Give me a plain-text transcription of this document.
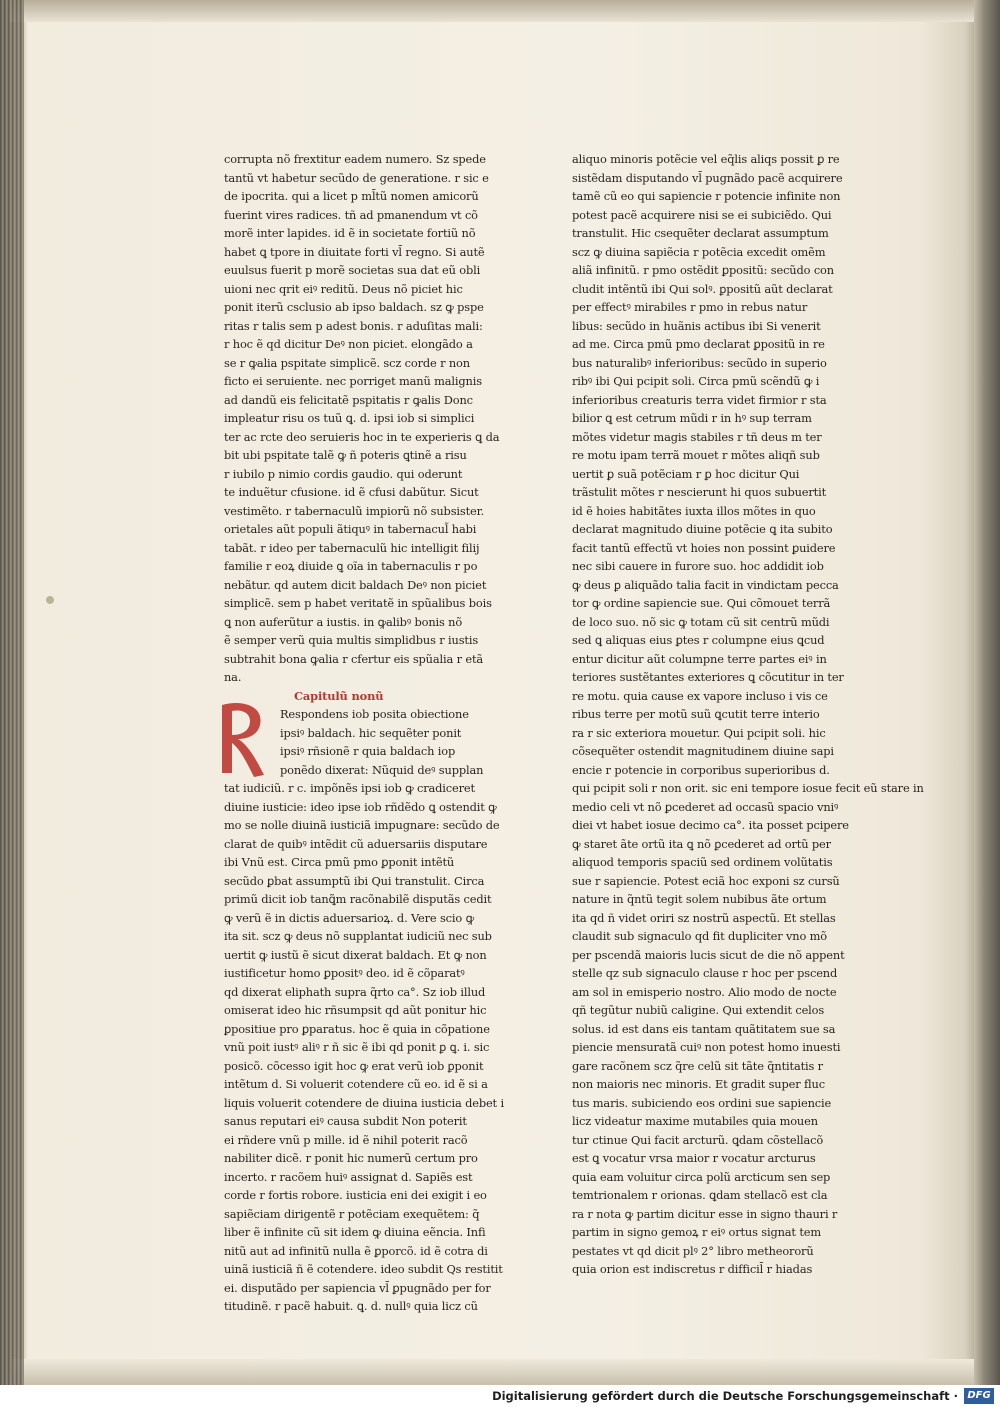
corrupta nõ frextitur eadem numero. Sz spede
tantũ vt habetur secũdo de generatione. r sic e
de ipocrita. qui a licet p ml̄tũ nomen amicorũ
fuerint vires radices. tñ ad pmanendum vt cõ
morẽ inter lapides. id ẽ in societate fortiũ nõ
habet ꝗ tpore in diuitate forti vl̄ regno. Si autẽ
euulsus fuerit p morẽ societas sua dat eũ obli
uioni nec qrit eiꝰ reditũ. Deus nõ piciet hic
ponit iterũ csclusio ab ipso baldach. sz ꝙ pspe
ritas r talis sem p adest bonis. r aduſitas mali:
r hoc ẽ qd dicitur Deꝰ non piciet. elongãdo a
se r ꝙalia pspitate simplicẽ. scz corde r non
ficto ei seruiente. nec porriget manũ malignis
ad dandũ eis felicitatẽ pspitatis r ꝙalis Donc
impleatur risu os tuũ ꝗ. d. ipsi iob si simplici
ter ac rcte deo seruieris hoc in te experieris ꝗ da
bit ubi pspitate talẽ ꝙ ñ poteris ꝗtinẽ a risu
r iubilo p nimio cordis gaudio. qui oderunt
te induẽtur cfusione. id ẽ cfusi dabũtur. Sicut
vestimẽto. r tabernaculũ impiorũ nõ subsister.
orietales aũt populi ãtiquꝰ in tabernacul̃ habi
tabãt. r ideo per tabernaculũ hic intelligit filij
familie r eoꝝ diuide ꝗ oĩa in tabernaculis r po
nebãtur. qd autem dicit baldach Deꝰ non piciet
simplicẽ. sem p habet veritatẽ in spũalibus bois
ꝗ non auferũtur a iustis. in ꝙalibꝰ bonis nõ
ẽ semper verũ quia multis simplidbus r iustis
subtrahit bona ꝙalia r cfertur eis spũalia r etã
na.
Capitulũ nonũ
Respondens iob posita obiectione
ipsiꝰ baldach. hic sequẽter ponit
ipsiꝰ rñsionẽ r quia baldach iop
ponẽdo dixerat: Nũquid deꝰ supplan
tat iudiciũ. r c. impõnẽs ipsi iob ꝙ cradiceret
diuine iusticie: ideo ipse iob rñdẽdo ꝗ ostendit ꝙ
mo se nolle diuinã iusticiã impugnare: secũdo de
clarat de quibꝰ intẽdit cũ aduersariis disputare
ibi Vnũ est. Circa pmũ pmo ꝑponit intẽtũ
secũdo ꝑbat assumptũ ibi Qui transtulit. Circa
primũ dicit iob tanꝗ̃m racõnabilẽ disputãs cedit
ꝙ verũ ẽ in dictis aduersarioꝝ. d. Vere scio ꝙ
ita sit. scz ꝙ deus nõ supplantat iudiciũ nec sub
uertit ꝙ iustũ ẽ sicut dixerat baldach. Et ꝙ non
iustificetur homo ꝑpositꝰ deo. id ẽ cõparatꝰ
qd dixerat eliphath supra q̃rto ca°. Sz iob illud
omiserat ideo hic rñsumpsit qd aũt ponitur hic
ꝑpositiue pro ꝑparatus. hoc ẽ quia in cõpatione
vnũ poit iustꝰ aliꝰ r ñ sic ẽ ibi qd ponit ꝑ ꝗ. i. sic
posicõ. cõcesso igit hoc ꝙ erat verũ iob ꝑponit
intẽtum d. Si voluerit cotendere cũ eo. id ẽ si a
liquis voluerit cotendere de diuina iusticia debet i
sanus reputari eiꝰ causa subdit Non poterit
ei rñdere vnũ p mille. id ẽ nihil poterit racõ
nabiliter dicẽ. r ponit hic numerũ certum pro
incerto. r racõem huiꝰ assignat d. Sapiẽs est
corde r fortis robore. iusticia eni dei exigit i eo
sapiẽciam dirigentẽ r potẽciam exequẽtem: q̃
liber ẽ infinite cũ sit idem ꝙ diuina eẽncia. Infi
nitũ aut ad infinitũ nulla ẽ ꝑporcõ. id ẽ cotra di
uinã iusticiã ñ ẽ cotendere. ideo subdit Qs restitit
ei. disputãdo per sapiencia vl̄ ꝑpugnãdo per for
titudinẽ. r pacẽ habuit. ꝗ. d. nullꝰ quia licz cũ
aliquo minoris potẽcie vel eq̃lis aliqs possit ꝑ re
sistẽdam disputando vl̄ pugnãdo pacẽ acquirere
tamẽ cũ eo qui sapiencie r potencie infinite non
potest pacẽ acquirere nisi se ei subiciẽdo. Qui
transtulit. Hic csequẽter declarat assumptum
scz ꝙ diuina sapiẽcia r potẽcia excedit omẽm
aliã infinitũ. r pmo ostẽdit ꝑpositũ: secũdo con
cludit intẽntũ ibi Qui solꝰ. ꝑpositũ aũt declarat
per effectꝰ mirabiles r pmo in rebus natur
libus: secũdo in huãnis actibus ibi Si venerit
ad me. Circa pmũ pmo declarat ꝑpositũ in re
bus naturalibꝰ inferioribus: secũdo in superio
ribꝰ ibi Qui pcipit soli. Circa pmũ scẽndũ ꝙ i
inferioribus creaturis terra videt firmior r sta
bilior ꝗ est cetrum mũdi r in hꝰ sup terram
mõtes videtur magis stabiles r tñ deus m ter
re motu ipam terrã mouet r mõtes aliqñ sub
uertit ꝑ suã potẽciam r ꝑ hoc dicitur Qui
trãstulit mõtes r nescierunt hi quos subuertit
id ẽ hoies habitãtes iuxta illos mõtes in quo
declarat magnitudo diuine potẽcie ꝗ ita subito
facit tantũ effectũ vt hoies non possint ꝑuidere
nec sibi cauere in furore suo. hoc addidit iob
ꝙ deus ꝑ aliquãdo talia facit in vindictam pecca
tor ꝙ ordine sapiencie sue. Qui cõmouet terrã
de loco suo. nõ sic ꝙ totam cũ sit centrũ mũdi
sed ꝗ aliquas eius ꝑtes r columpne eius ꝗcud
entur dicitur aũt columpne terre partes eiꝰ in
teriores sustẽtantes exteriores ꝗ cõcutitur in ter
re motu. quia cause ex vapore incluso i vis ce
ribus terre per motũ suũ ꝗcutit terre interio
ra r sic exteriora mouetur. Qui pcipit soli. hic
cõsequẽter ostendit magnitudinem diuine sapi
encie r potencie in corporibus superioribus d.
qui pcipit soli r non orit. sic eni tempore iosue fecit eũ stare in
medio celi vt nõ ꝑcederet ad occasũ spacio vniꝰ
diei vt habet iosue decimo ca°. ita posset pcipere
ꝙ staret ãte ortũ ita ꝗ nõ ꝑcederet ad ortũ per
aliquod temporis spaciũ sed ordinem volũtatis
sue r sapiencie. Potest eciã hoc exponi sz cursũ
nature in q̃ntũ tegit solem nubibus ãte ortum
ita qd ñ videt oriri sz nostrũ aspectũ. Et stellas
claudit sub signaculo qd fit dupliciter vno mõ
per pscendã maioris lucis sicut de die nõ appent
stelle qz sub signaculo clause r hoc per pscend
am sol in emisperio nostro. Alio modo de nocte
qñ tegũtur nubiũ caligine. Qui extendit celos
solus. id est dans eis tantam quãtitatem sue sa
piencie mensuratã cuiꝰ non potest homo inuesti
gare racõnem scz q̃re celũ sit tãte q̃ntitatis r
non maioris nec minoris. Et gradit super fluc
tus maris. subiciendo eos ordini sue sapiencie
licz videatur maxime mutabiles quia mouen
tur ctinue Qui facit arcturũ. ꝗdam cõstellacõ
est ꝗ vocatur vrsa maior r vocatur arcturus
quia eam voluitur circa polũ arcticum sen sep
temtrionalem r orionas. ꝗdam stellacõ est cla
ra r nota ꝙ partim dicitur esse in signo thauri r
partim in signo gemoꝝ r eiꝰ ortus signat tem
pestates vt qd dicit plꝰ 2° libro metheororũ
quia orion est indiscretus r difficil̄ r hiadas
Digitalisierung gefördert durch die Deutsche Forschungsgemeinschaft · DFG
